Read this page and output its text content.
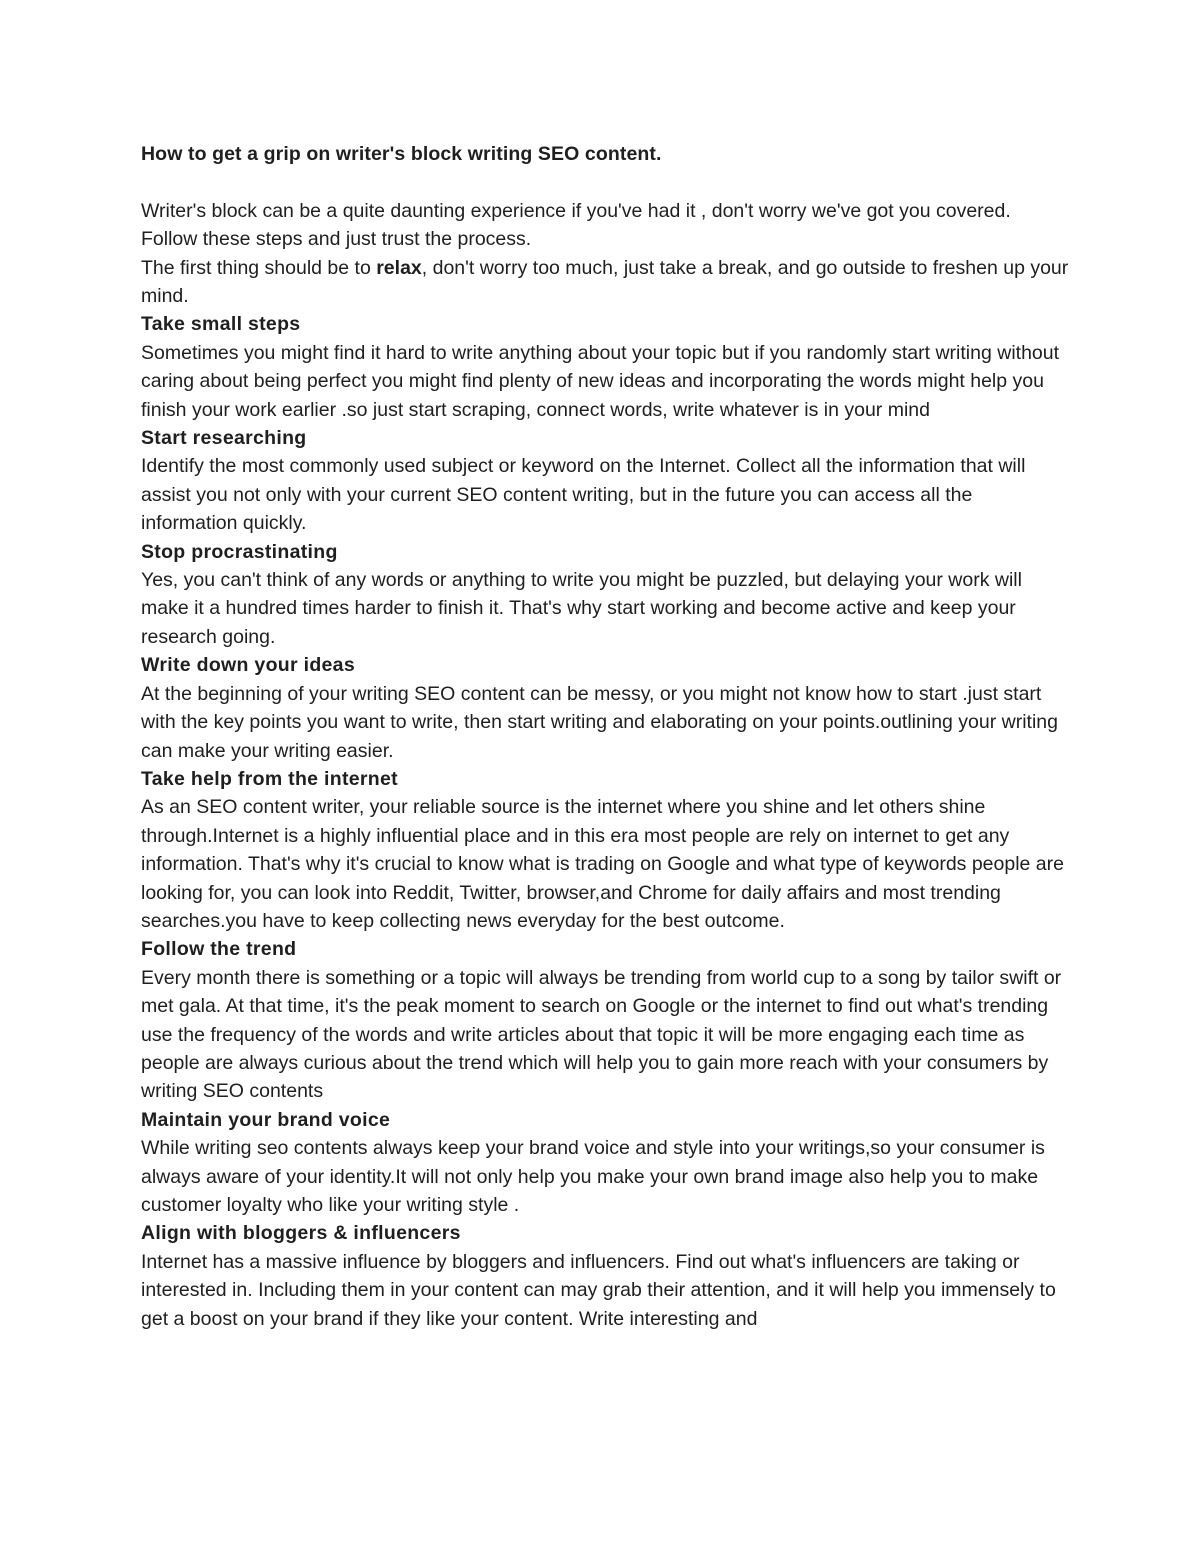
How to get a grip on writer's block writing SEO content.

Writer's block can be a quite daunting experience if you've had it , don't worry we've got you covered. Follow these steps and just trust the process.

The first thing should be to relax, don't worry too much, just take a break, and go outside to freshen up your mind.

Take small steps

Sometimes you might find it hard to write anything about your topic but if you randomly start writing without caring about being perfect you might find plenty of new ideas and incorporating the words might help you finish your work earlier .so just start scraping, connect words, write whatever is in your mind

Start researching

Identify the most commonly used subject or keyword on the Internet. Collect all the information that will assist you not only with your current SEO content writing, but in the future you can access all the information quickly.

Stop procrastinating

Yes, you can't think of any words or anything to write you might be puzzled, but delaying your work will make it a hundred times harder to finish it. That's why start working and become active and keep your research going.

Write down your ideas

At the beginning of your writing SEO content can be messy, or you might not know how to start .just start with the key points you want to write, then start writing and elaborating on your points.outlining your writing can make your writing easier.

Take help from the internet

As an SEO content writer, your reliable source is the internet where you shine and let others shine through.Internet is a highly influential place and in this era most people are rely on internet to get any information. That's why it's crucial to know what is trading on Google and what type of keywords people are looking for, you can look into Reddit, Twitter, browser,and Chrome for daily affairs and most trending searches.you have to keep collecting news everyday for the best outcome.

Follow the trend

Every month there is something or a topic will always be trending from world cup to a song by tailor swift or met gala. At that time, it's the peak moment to search on Google or the internet to find out what's trending use the frequency of the words and write articles about that topic it will be more engaging each time as people are always curious about the trend which will help you to gain more reach with your consumers by writing SEO contents

Maintain your brand voice

While writing seo contents always keep your brand voice and style into your writings,so your consumer is always aware of your identity.It will not only help you make your own brand image also help you to make customer loyalty who like your writing style .

Align with bloggers & influencers

Internet has a massive influence by bloggers and influencers. Find out what's influencers are taking or interested in. Including them in your content can may grab their attention, and it will help you immensely to get a boost on your brand if they like your content. Write interesting and
